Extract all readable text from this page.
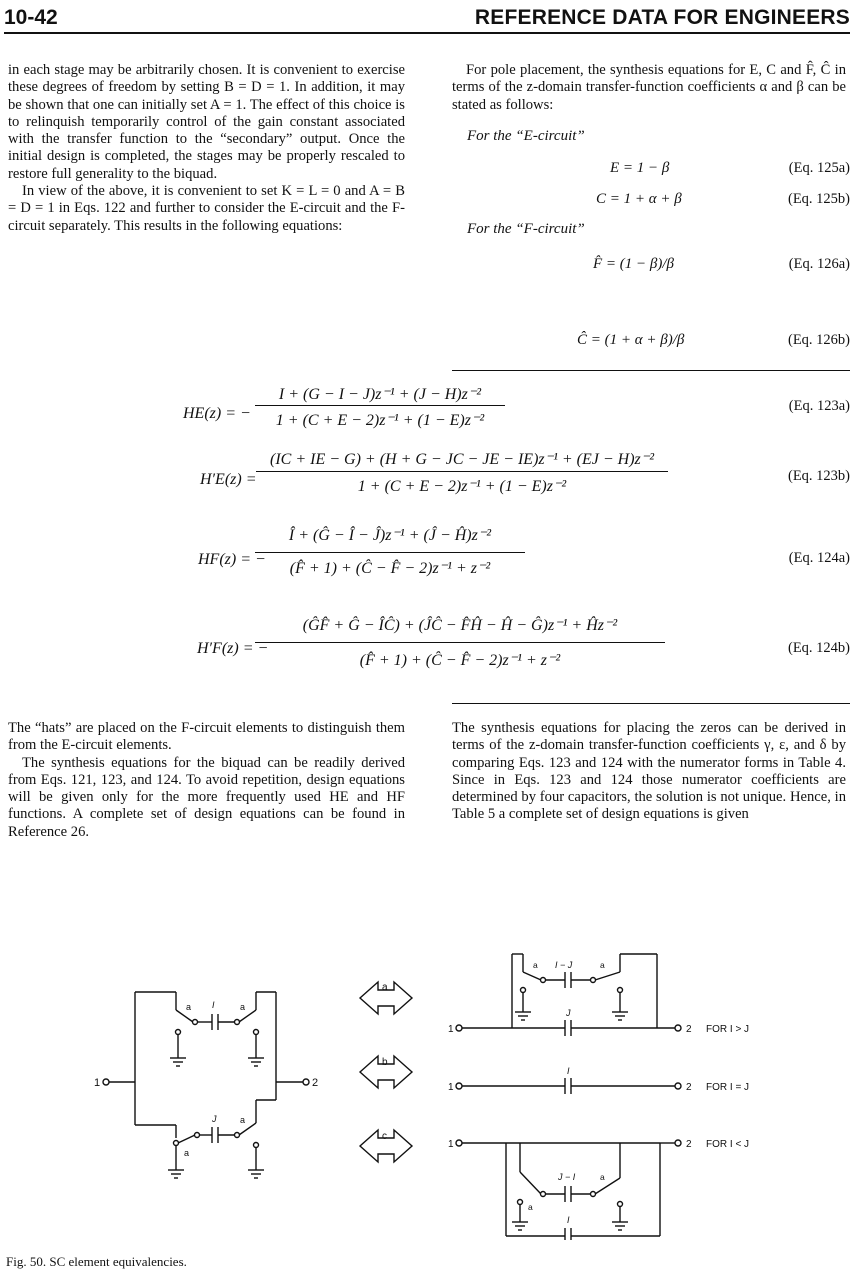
10-42	REFERENCE DATA FOR ENGINEERS

in each stage may be arbitrarily chosen. It is convenient to exercise these degrees of freedom by setting B = D = 1. In addition, it may be shown that one can initially set A = 1. The effect of this choice is to relinquish temporarily control of the gain constant associated with the transfer function to the “secondary” output. Once the initial design is completed, the stages may be properly rescaled to restore full generality to the biquad.

In view of the above, it is convenient to set K = L = 0 and A = B = D = 1 in Eqs. 122 and further to consider the E-circuit and the F-circuit separately. This results in the following equations:

For pole placement, the synthesis equations for E, C and F̂, Ĉ in terms of the z-domain transfer-function coefficients α and β can be stated as follows:

For the “E-circuit”
For the “F-circuit”
E = 1 − β	(Eq. 125a)
C = 1 + α + β	(Eq. 125b)
F̂ = (1 − β)/β	(Eq. 126a)
Ĉ = (1 + α + β)/β	(Eq. 126b)
HE(z) = −
I + (G − I − J)z⁻¹ + (J − H)z⁻²
1 + (C + E − 2)z⁻¹ + (1 − E)z⁻²
(Eq. 123a)
H′E(z) =
(IC + IE − G) + (H + G − JC − JE − IE)z⁻¹ + (EJ − H)z⁻²
1 + (C + E − 2)z⁻¹ + (1 − E)z⁻²
(Eq. 123b)
HF(z) = −
Î + (Ĝ − Î − Ĵ)z⁻¹ + (Ĵ − Ĥ)z⁻²
(F̂ + 1) + (Ĉ − F̂ − 2)z⁻¹ + z⁻²
(Eq. 124a)
H′F(z) = −
(ĜF̂ + Ĝ − ÎĈ) + (ĴĈ − F̂Ĥ − Ĥ − Ĝ)z⁻¹ + Ĥz⁻²
(F̂ + 1) + (Ĉ − F̂ − 2)z⁻¹ + z⁻²
(Eq. 124b)

The “hats” are placed on the F-circuit elements to distinguish them from the E-circuit elements.

The synthesis equations for the biquad can be readily derived from Eqs. 121, 123, and 124. To avoid repetition, design equations will be given only for the more frequently used HE and HF functions. A complete set of design equations can be found in Reference 26.

The synthesis equations for placing the zeros can be derived in terms of the z-domain transfer-function coefficients γ, ε, and δ by comparing Eqs. 123 and 124 with the numerator forms in Table 4. Since in Eqs. 123 and 124 those numerator coefficients are determined by four capacitors, the solution is not unique. Hence, in Table 5 a complete set of design equations is given

1	2
a I	a
J	a
a
a
b
c
1	2 FOR I > J
a I − J	a
J
1	2 FOR I = J
I
1	2 FOR I < J
J − I	a
a
I
Fig. 50. SC element equivalencies.
